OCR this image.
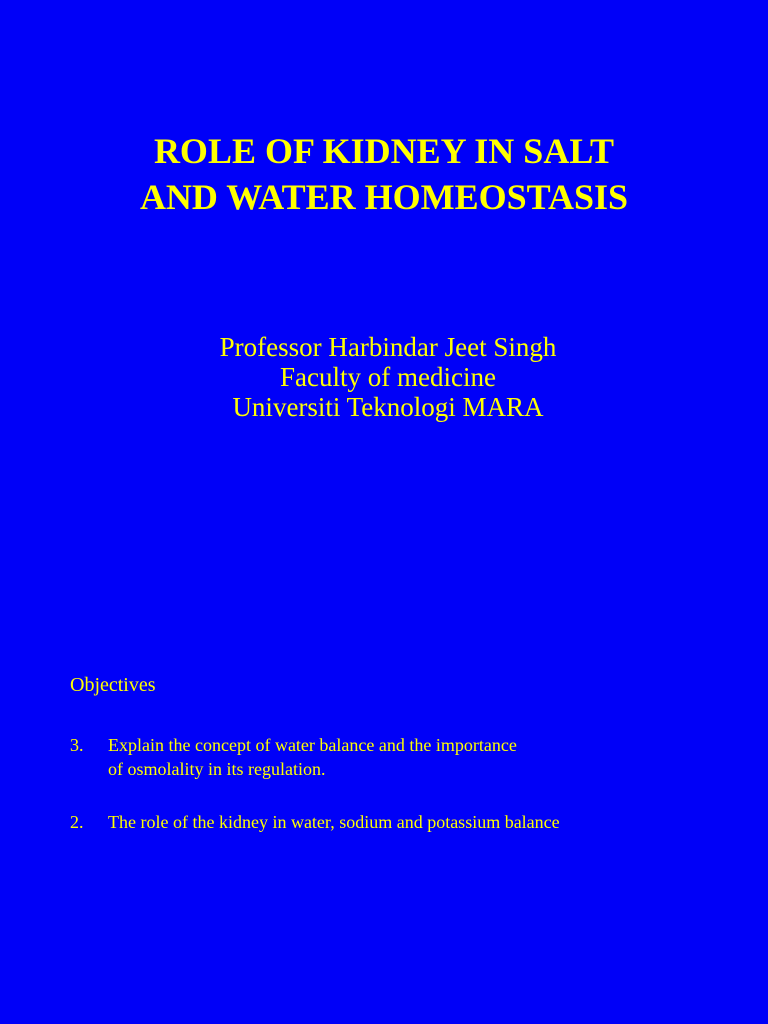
ROLE OF KIDNEY IN SALT
AND WATER HOMEOSTASIS
Professor Harbindar Jeet Singh
Faculty of medicine
Universiti Teknologi MARA
Objectives
3. Explain the concept of water balance and the importance
of osmolality in its regulation.
2. The role of the kidney in water, sodium and potassium balance
